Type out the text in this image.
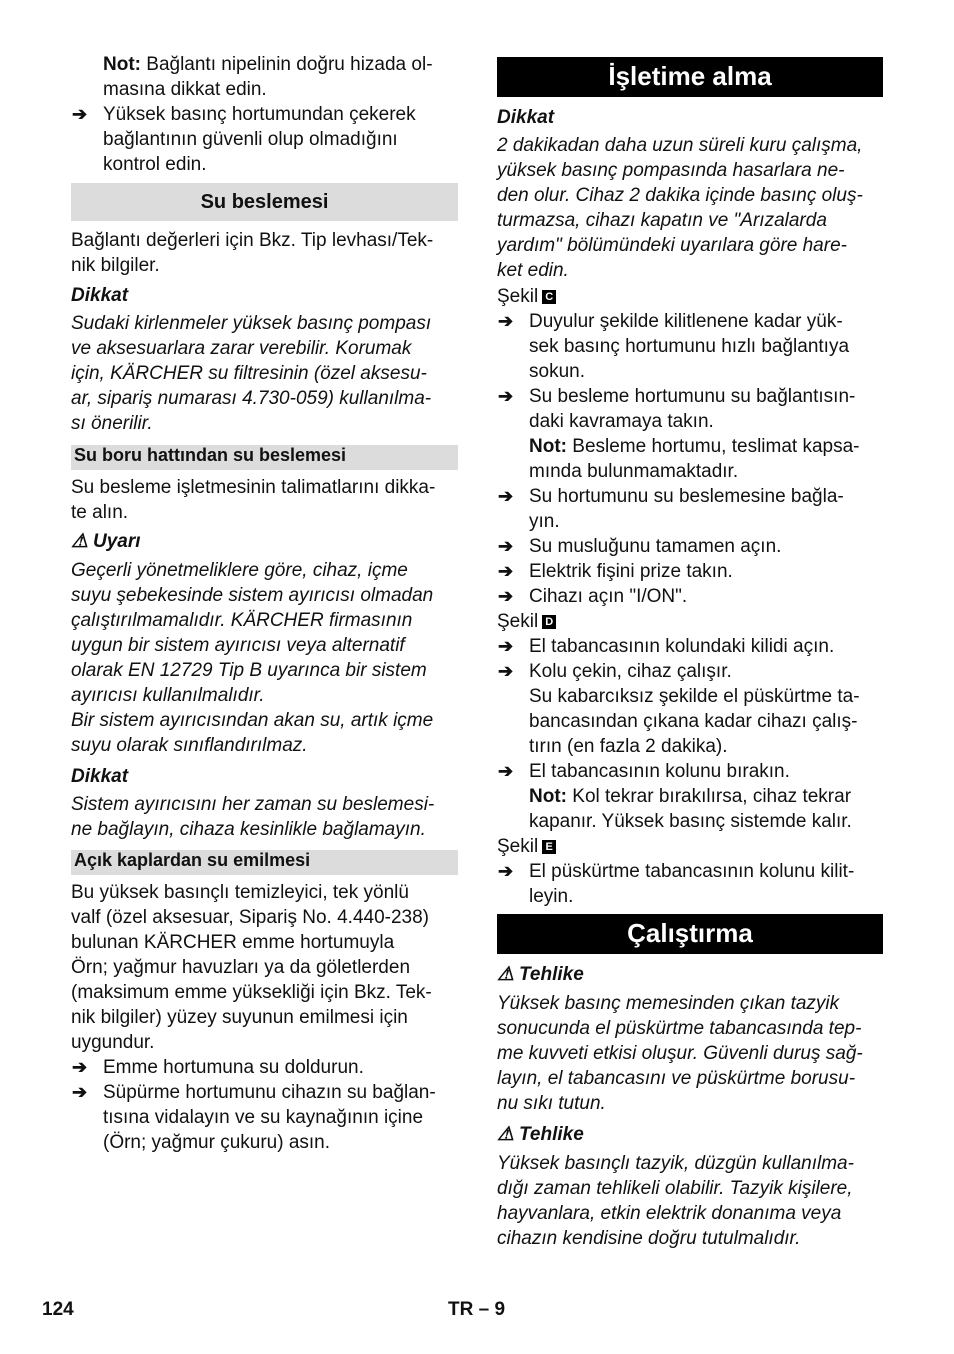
Not: Bağlantı nipelinin doğru hizada ol-
masına dikkat edin.
➔ Yüksek basınç hortumundan çekerek
bağlantının güvenli olup olmadığını
kontrol edin.
Su beslemesi
Bağlantı değerleri için Bkz. Tip levhası/Tek-
nik bilgiler.
Dikkat
Sudaki kirlenmeler yüksek basınç pompası
ve aksesuarlara zarar verebilir. Korumak
için, KÄRCHER su filtresinin (özel aksesu-
ar, sipariş numarası 4.730-059) kullanılma-
sı önerilir.
Su boru hattından su beslemesi
Su besleme işletmesinin talimatlarını dikka-
te alın.
⚠ Uyarı
Geçerli yönetmeliklere göre, cihaz, içme
suyu şebekesinde sistem ayırıcısı olmadan
çalıştırılmamalıdır. KÄRCHER firmasının
uygun bir sistem ayırıcısı veya alternatif
olarak EN 12729 Tip B uyarınca bir sistem
ayırıcısı kullanılmalıdır.
Bir sistem ayırıcısından akan su, artık içme
suyu olarak sınıflandırılmaz.
Dikkat
Sistem ayırıcısını her zaman su beslemesi-
ne bağlayın, cihaza kesinlikle bağlamayın.
Açık kaplardan su emilmesi
Bu yüksek basınçlı temizleyici, tek yönlü
valf (özel aksesuar, Sipariş No. 4.440-238)
bulunan KÄRCHER emme hortumuyla
Örn; yağmur havuzları ya da göletlerden
(maksimum emme yüksekliği için Bkz. Tek-
nik bilgiler) yüzey suyunun emilmesi için
uygundur.
➔ Emme hortumuna su doldurun.
➔ Süpürme hortumunu cihazın su bağlan-
tısına vidalayın ve su kaynağının içine
(Örn; yağmur çukuru) asın.
İşletime alma
Dikkat
2 dakikadan daha uzun süreli kuru çalışma,
yüksek basınç pompasında hasarlara ne-
den olur. Cihaz 2 dakika içinde basınç oluş-
turmazsa, cihazı kapatın ve "Arızalarda
yardım" bölümündeki uyarılara göre hare-
ket edin.
Şekil C
➔ Duyulur şekilde kilitlenene kadar yük-
sek basınç hortumunu hızlı bağlantıya
sokun.
➔ Su besleme hortumunu su bağlantısın-
daki kavramaya takın.
Not: Besleme hortumu, teslimat kapsa-
mında bulunmamaktadır.
➔ Su hortumunu su beslemesine bağla-
yın.
➔ Su musluğunu tamamen açın.
➔ Elektrik fişini prize takın.
➔ Cihazı açın "I/ON".
Şekil D
➔ El tabancasının kolundaki kilidi açın.
➔ Kolu çekin, cihaz çalışır.
Su kabarcıksız şekilde el püskürtme ta-
bancasından çıkana kadar cihazı çalış-
tırın (en fazla 2 dakika).
➔ El tabancasının kolunu bırakın.
Not: Kol tekrar bırakılırsa, cihaz tekrar
kapanır. Yüksek basınç sistemde kalır.
Şekil E
➔ El püskürtme tabancasının kolunu kilit-
leyin.
Çalıştırma
⚠ Tehlike
Yüksek basınç memesinden çıkan tazyik
sonucunda el püskürtme tabancasında tep-
me kuvveti etkisi oluşur. Güvenli duruş sağ-
layın, el tabancasını ve püskürtme borusu-
nu sıkı tutun.
⚠ Tehlike
Yüksek basınçlı tazyik, düzgün kullanılma-
dığı zaman tehlikeli olabilir. Tazyik kişilere,
hayvanlara, etkin elektrik donanıma veya
cihazın kendisine doğru tutulmalıdır.
124	TR – 9
